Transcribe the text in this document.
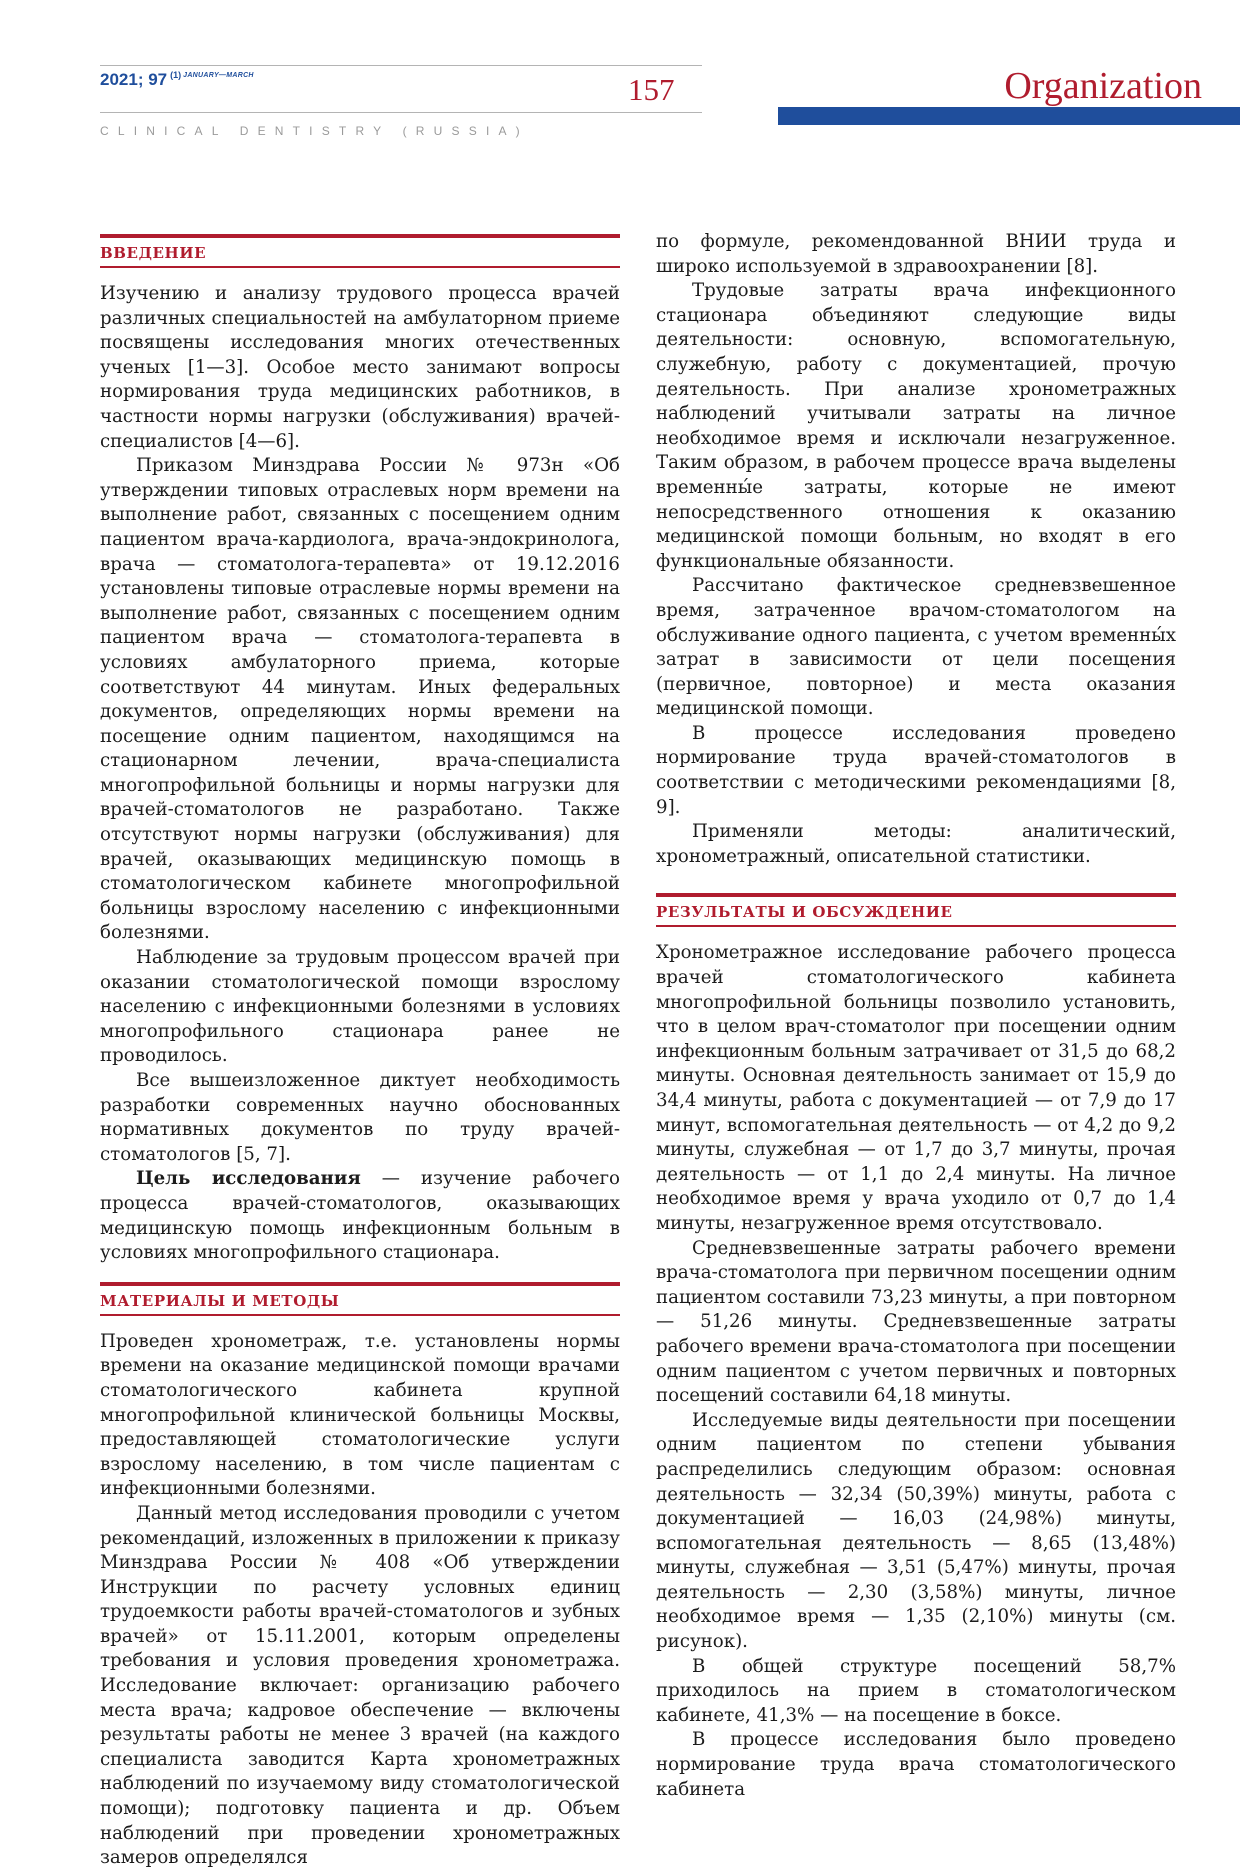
2021; 97 $^{(1)}$ $^{JANUARY—MARCH}$	157
CLINICAL DENTISTRY (RUSSIA)
Organization
ВВЕДЕНИЕ

Изучению и анализу трудового процесса врачей различных специальностей на амбулаторном приеме посвящены исследования многих отечественных ученых [1—3]. Особое место занимают вопросы нормирования труда медицинских работников, в частности нормы нагрузки (обслуживания) врачей-специалистов [4—6].

Приказом Минздрава России № 973н «Об утверждении типовых отраслевых норм времени на выполнение работ, связанных с посещением одним пациентом врача-кардиолога, врача-эндокринолога, врача — стоматолога-терапевта» от 19.12.2016 установлены типовые отраслевые нормы времени на выполнение работ, связанных с посещением одним пациентом врача — стоматолога-терапевта в условиях амбулаторного приема, которые соответствуют 44 минутам. Иных федеральных документов, определяющих нормы времени на посещение одним пациентом, находящимся на стационарном лечении, врача-специалиста многопрофильной больницы и нормы нагрузки для врачей-стоматологов не разработано. Также отсутствуют нормы нагрузки (обслуживания) для врачей, оказывающих медицинскую помощь в стоматологическом кабинете многопрофильной больницы взрослому населению с инфекционными болезнями.

Наблюдение за трудовым процессом врачей при оказании стоматологической помощи взрослому населению с инфекционными болезнями в условиях многопрофильного стационара ранее не проводилось.

Все вышеизложенное диктует необходимость разработки современных научно обоснованных нормативных документов по труду врачей-стоматологов [5, 7].

Цель исследования — изучение рабочего процесса врачей-стоматологов, оказывающих медицинскую помощь инфекционным больным в условиях многопрофильного стационара.

МАТЕРИАЛЫ И МЕТОДЫ

Проведен хронометраж, т.е. установлены нормы времени на оказание медицинской помощи врачами стоматологического кабинета крупной многопрофильной клинической больницы Москвы, предоставляющей стоматологические услуги взрослому населению, в том числе пациентам с инфекционными болезнями.

Данный метод исследования проводили с учетом рекомендаций, изложенных в приложении к приказу Минздрава России № 408 «Об утверждении Инструкции по расчету условных единиц трудоемкости работы врачей-стоматологов и зубных врачей» от 15.11.2001, которым определены требования и условия проведения хронометража. Исследование включает: организацию рабочего места врача; кадровое обеспечение — включены результаты работы не менее 3 врачей (на каждого специалиста заводится Карта хронометражных наблюдений по изучаемому виду стоматологической помощи); подготовку пациента и др. Объем наблюдений при проведении хронометражных замеров определялся

по формуле, рекомендованной ВНИИ труда и широко используемой в здравоохранении [8].

Трудовые затраты врача инфекционного стационара объединяют следующие виды деятельности: основную, вспомогательную, служебную, работу с документацией, прочую деятельность. При анализе хронометражных наблюдений учитывали затраты на личное необходимое время и исключали незагруженное. Таким образом, в рабочем процессе врача выделены временны́е затраты, которые не имеют непосредственного отношения к оказанию медицинской помощи больным, но входят в его функциональные обязанности.

Рассчитано фактическое средневзвешенное время, затраченное врачом-стоматологом на обслуживание одного пациента, с учетом временны́х затрат в зависимости от цели посещения (первичное, повторное) и места оказания медицинской помощи.

В процессе исследования проведено нормирование труда врачей-стоматологов в соответствии с методическими рекомендациями [8, 9].

Применяли методы: аналитический, хронометражный, описательной статистики.

РЕЗУЛЬТАТЫ И ОБСУЖДЕНИЕ

Хронометражное исследование рабочего процесса врачей стоматологического кабинета многопрофильной больницы позволило установить, что в целом врач-стоматолог при посещении одним инфекционным больным затрачивает от 31,5 до 68,2 минуты. Основная деятельность занимает от 15,9 до 34,4 минуты, работа с документацией — от 7,9 до 17 минут, вспомогательная деятельность — от 4,2 до 9,2 минуты, служебная — от 1,7 до 3,7 минуты, прочая деятельность — от 1,1 до 2,4 минуты. На личное необходимое время у врача уходило от 0,7 до 1,4 минуты, незагруженное время отсутствовало.

Средневзвешенные затраты рабочего времени врача-стоматолога при первичном посещении одним пациентом составили 73,23 минуты, а при повторном — 51,26 минуты. Средневзвешенные затраты рабочего времени врача-стоматолога при посещении одним пациентом с учетом первичных и повторных посещений составили 64,18 минуты.

Исследуемые виды деятельности при посещении одним пациентом по степени убывания распределились следующим образом: основная деятельность — 32,34 (50,39%) минуты, работа с документацией — 16,03 (24,98%) минуты, вспомогательная деятельность — 8,65 (13,48%) минуты, служебная — 3,51 (5,47%) минуты, прочая деятельность — 2,30 (3,58%) минуты, личное необходимое время — 1,35 (2,10%) минуты (см. рисунок).

В общей структуре посещений 58,7% приходилось на прием в стоматологическом кабинете, 41,3% — на посещение в боксе.

В процессе исследования было проведено нормирование труда врача стоматологического кабинета
